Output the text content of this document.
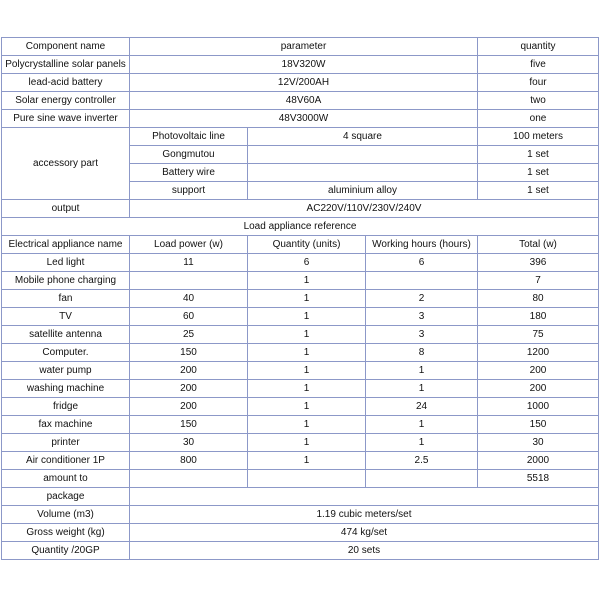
Component name	parameter			quantity
Polycrystalline solar panels	18V320W			five
lead-acid battery	12V/200AH			four
Solar energy controller	48V60A			two
Pure sine wave inverter	48V3000W			one
accessory part	Photovoltaic line	4 square		100 meters
	Gongmutou			1 set
	Battery wire			1 set
	support	aluminium alloy		1 set
output	AC220V/110V/230V/240V			
Load appliance reference				
Electrical appliance name	Load power (w)	Quantity (units)	Working hours (hours)	Total (w)
Led light	11	6	6	396
Mobile phone charging		1		7
fan	40	1	2	80
TV	60	1	3	180
satellite antenna	25	1	3	75
Computer.	150	1	8	1200
water pump	200	1	1	200
washing machine	200	1	1	200
fridge	200	1	24	1000
fax machine	150	1	1	150
printer	30	1	1	30
Air conditioner 1P	800	1	2.5	2000
amount to				5518
package				
Volume (m3)	1.19 cubic meters/set			
Gross weight (kg)	474 kg/set			
Quantity /20GP	20 sets			
